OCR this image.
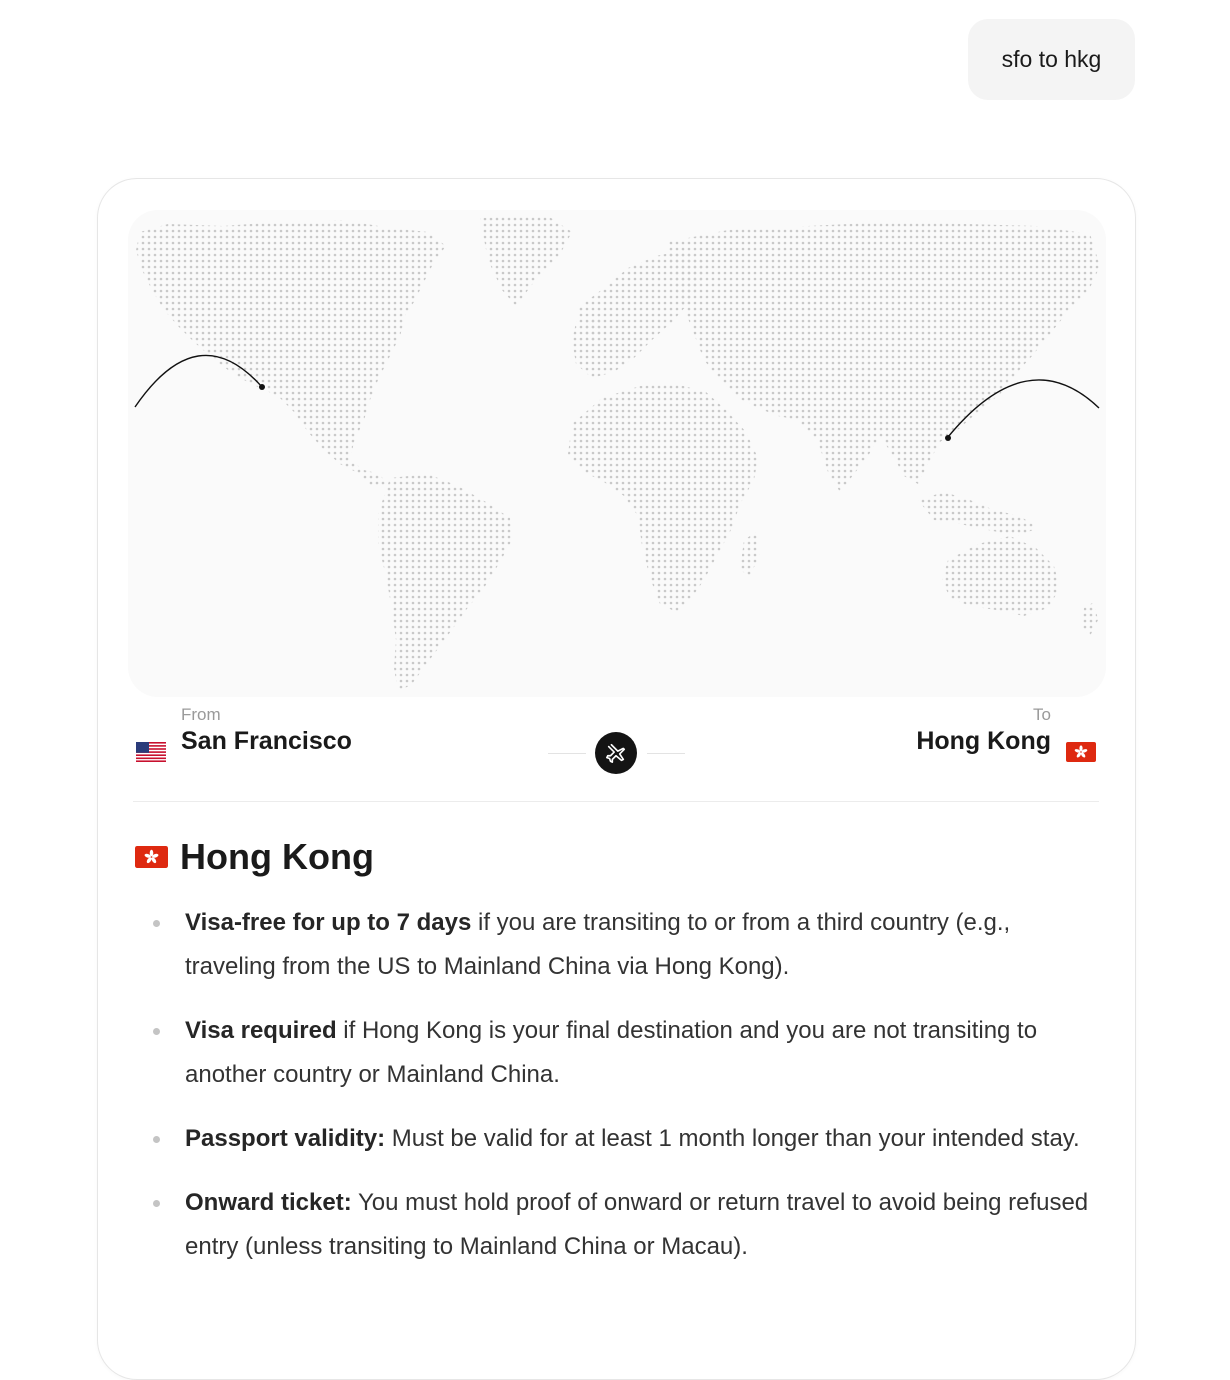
sfo to hkg
From
San Francisco
To
Hong Kong
Hong Kong
Visa-free for up to 7 days if you are transiting to or from a third country (e.g., traveling from the US to Mainland China via Hong Kong).
Visa required if Hong Kong is your final destination and you are not transiting to another country or Mainland China.
Passport validity: Must be valid for at least 1 month longer than your intended stay.
Onward ticket: You must hold proof of onward or return travel to avoid being refused entry (unless transiting to Mainland China or Macau).
